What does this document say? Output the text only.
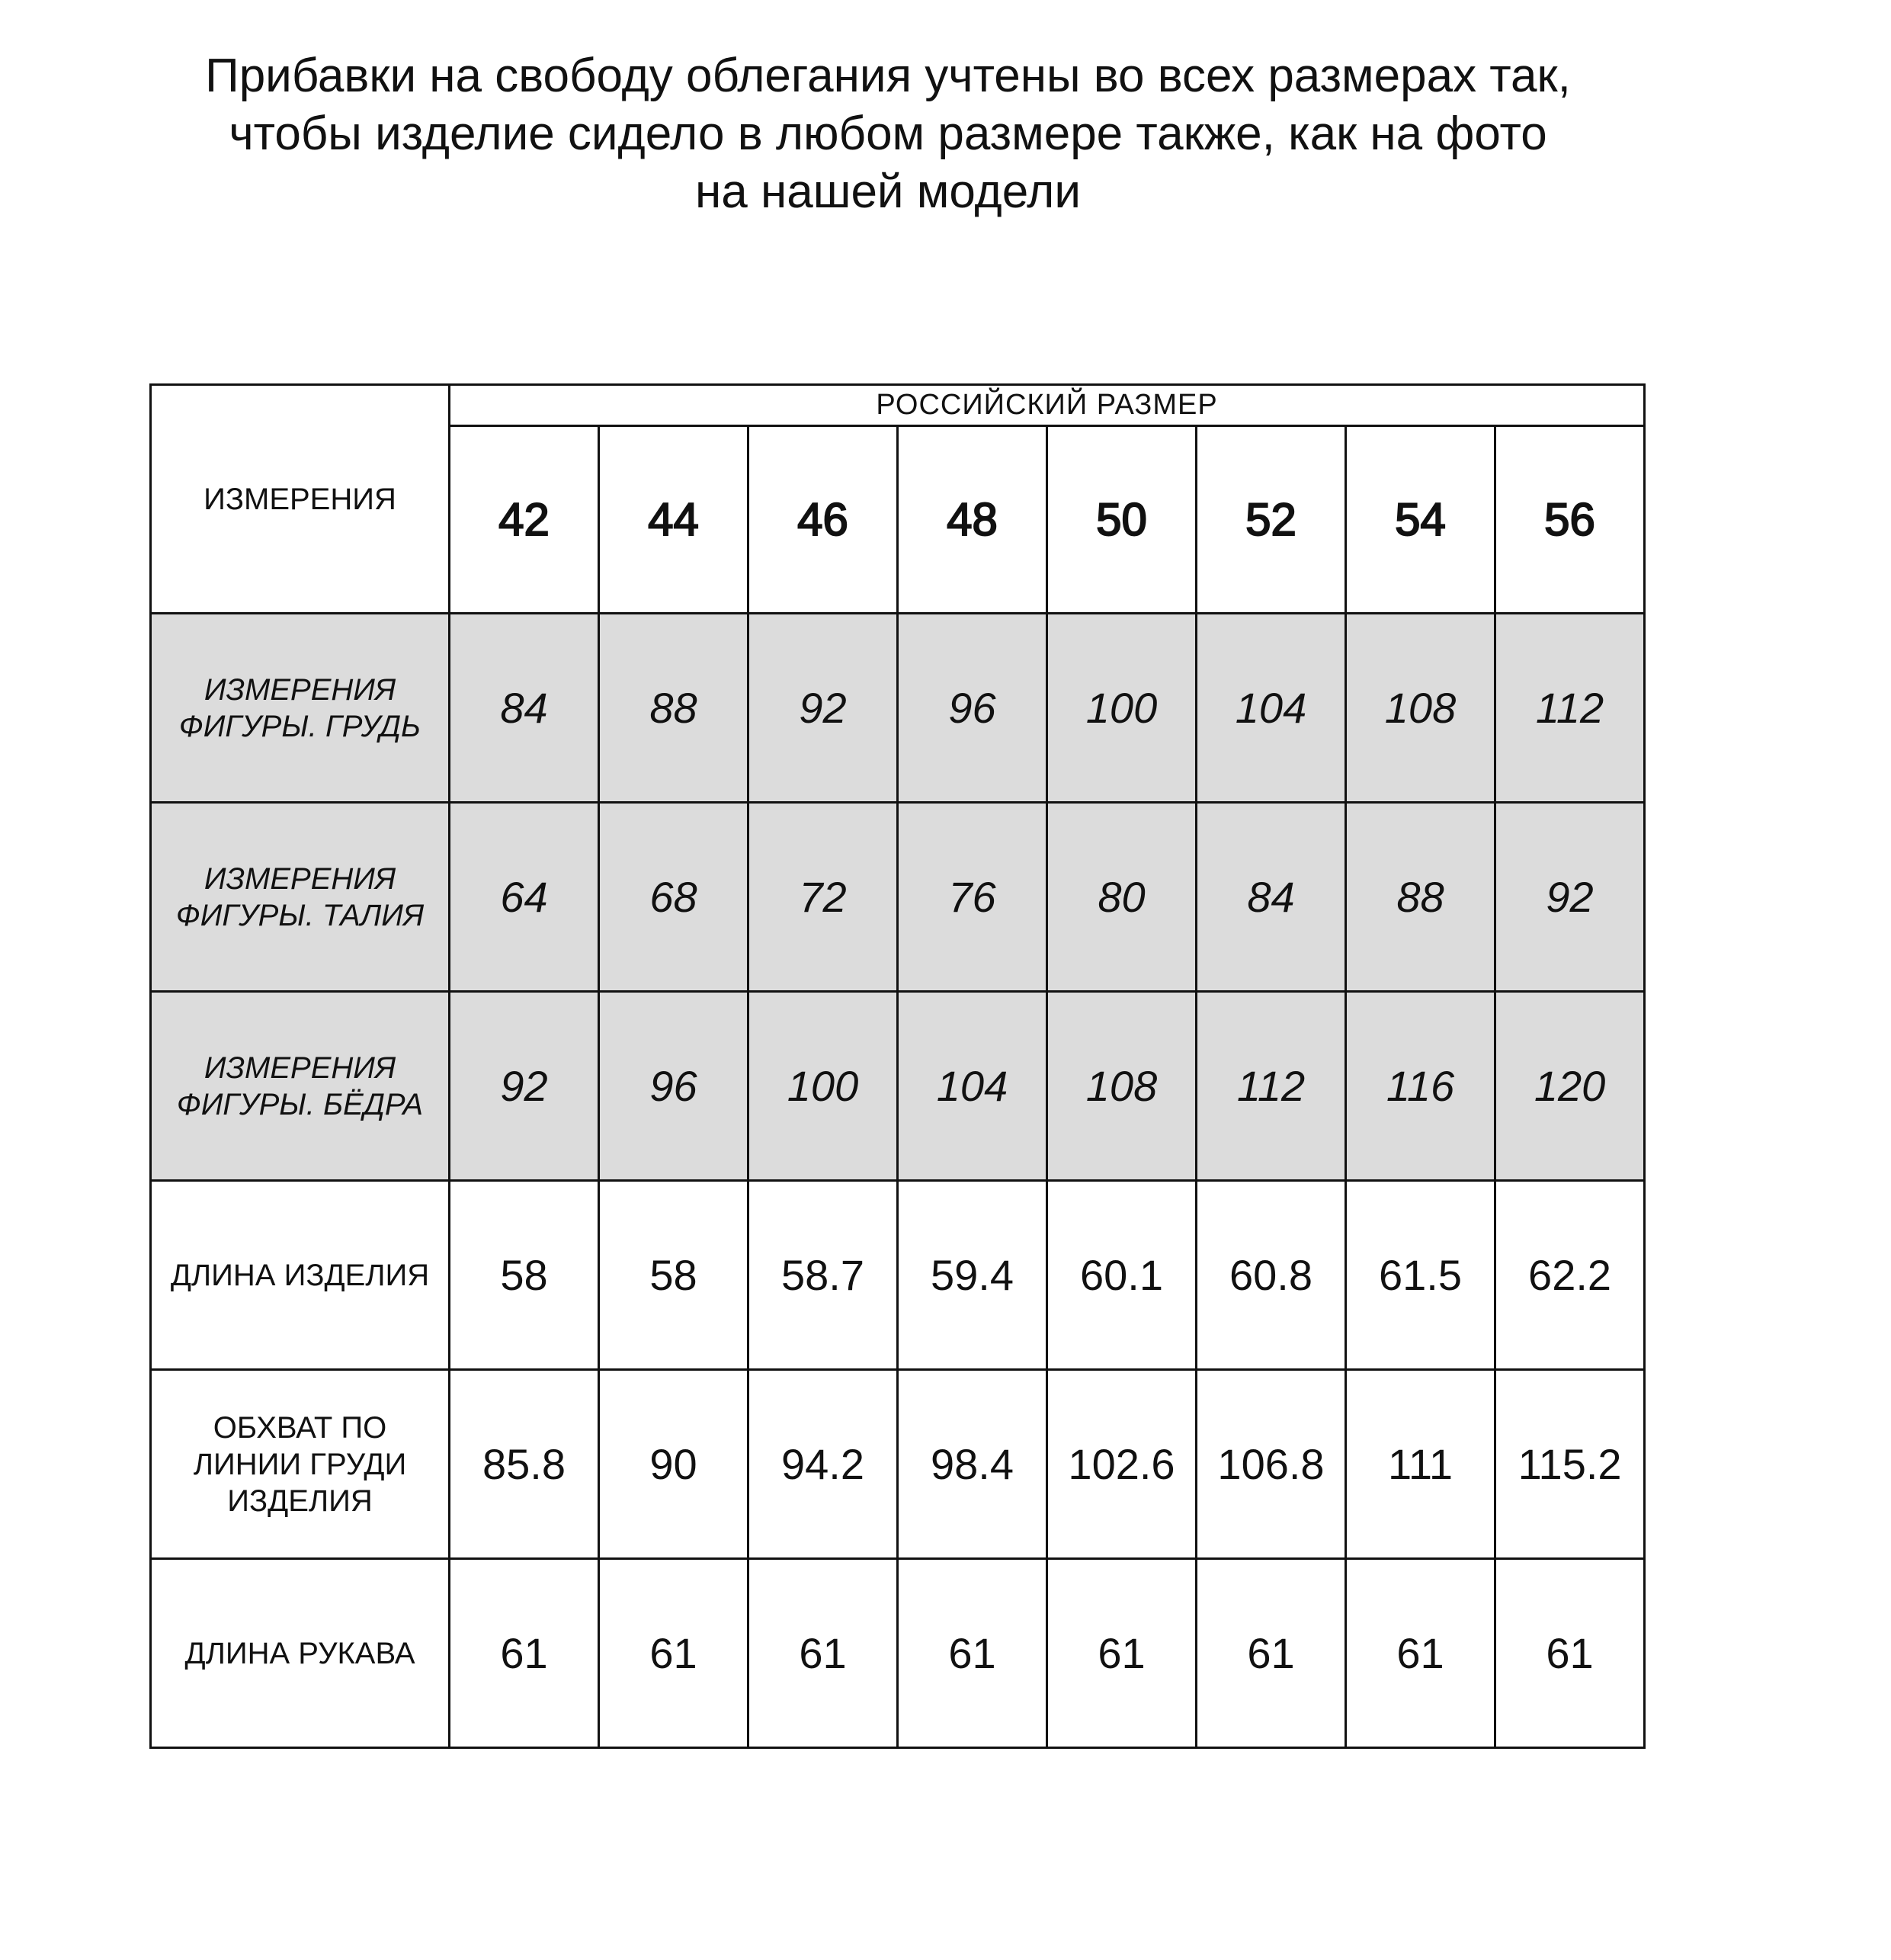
Прибавки на свободу облегания учтены во всех размерах так,
чтобы изделие сидело в любом размере также, как на фото
на нашей модели
ИЗМЕРЕНИЯ	РОССИЙСКИЙ РАЗМЕР							
	42	44	46	48	50	52	54	56

ИЗМЕРЕНИЯ
ФИГУРЫ. ГРУДЬ	84	88	92	96	100	104	108	112

ИЗМЕРЕНИЯ
ФИГУРЫ. ТАЛИЯ	64	68	72	76	80	84	88	92

ИЗМЕРЕНИЯ
ФИГУРЫ. БЁДРА	92	96	100	104	108	112	116	120

ДЛИНА ИЗДЕЛИЯ	58	58	58.7	59.4	60.1	60.8	61.5	62.2

ОБХВАТ ПО
ЛИНИИ ГРУДИ
ИЗДЕЛИЯ	85.8	90	94.2	98.4	102.6	106.8	111	115.2

ДЛИНА РУКАВА	61	61	61	61	61	61	61	61
